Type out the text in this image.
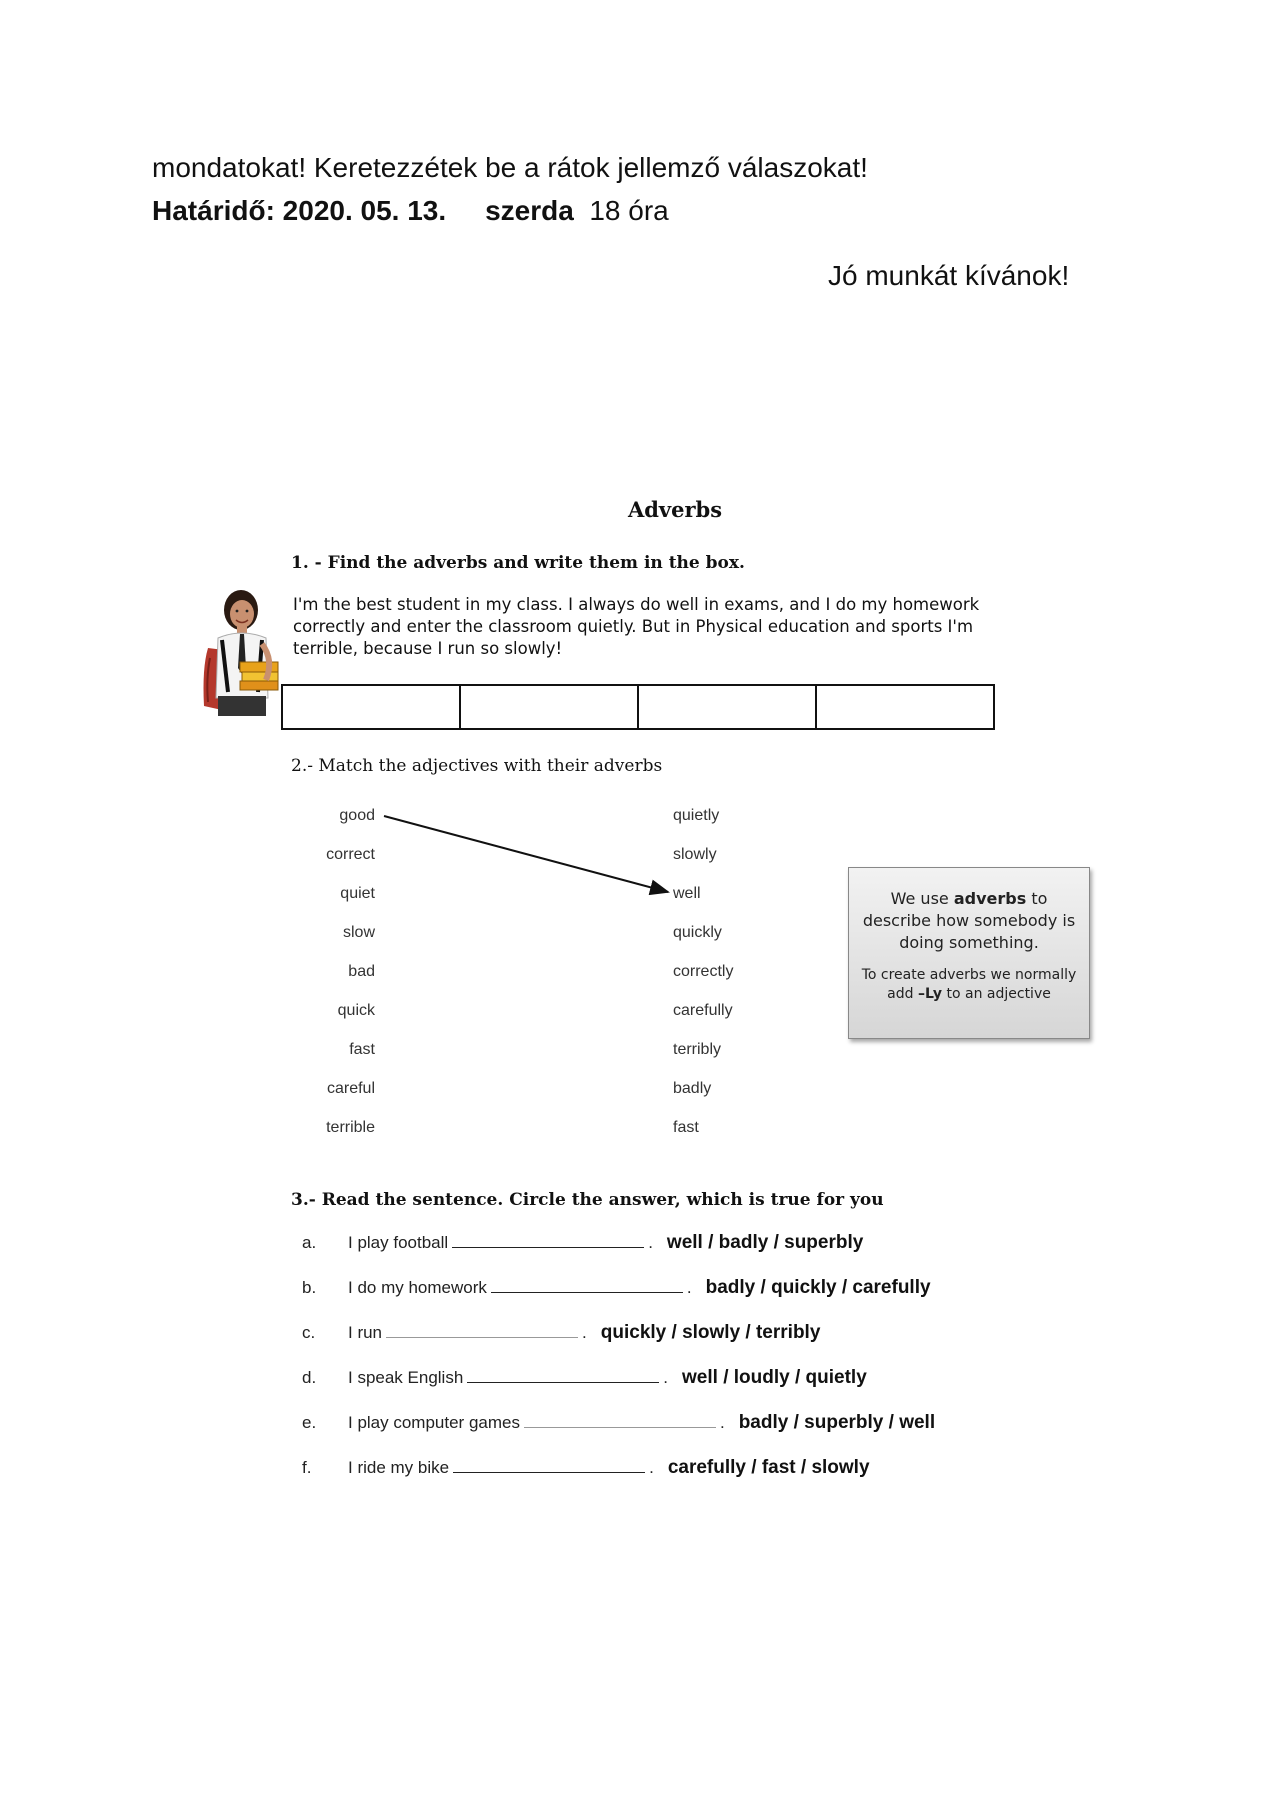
mondatokat! Keretezzétek be a rátok jellemző válaszokat!
Határidő: 2020. 05. 13. szerda 18 óra
Jó munkát kívánok!
Adverbs
1. - Find the adverbs and write them in the box.
I'm the best student in my class. I always do well in exams, and I do my homework correctly and enter the classroom quietly. But in Physical education and sports I'm terrible, because I run so slowly!
2.- Match the adjectives with their adverbs
good
correct
quiet
slow
bad
quick
fast
careful
terrible
quietly
slowly
well
quickly
correctly
carefully
terribly
badly
fast

We use adverbs to describe how somebody is doing something.

To create adverbs we normally add –Ly to an adjective

3.- Read the sentence. Circle the answer, which is true for you
a. I play football	. well / badly / superbly
b. I do my homework	. badly / quickly / carefully
c. I run	. quickly / slowly / terribly
d. I speak English	. well / loudly / quietly
e. I play computer games	. badly / superbly / well
f. I ride my bike	. carefully / fast / slowly
